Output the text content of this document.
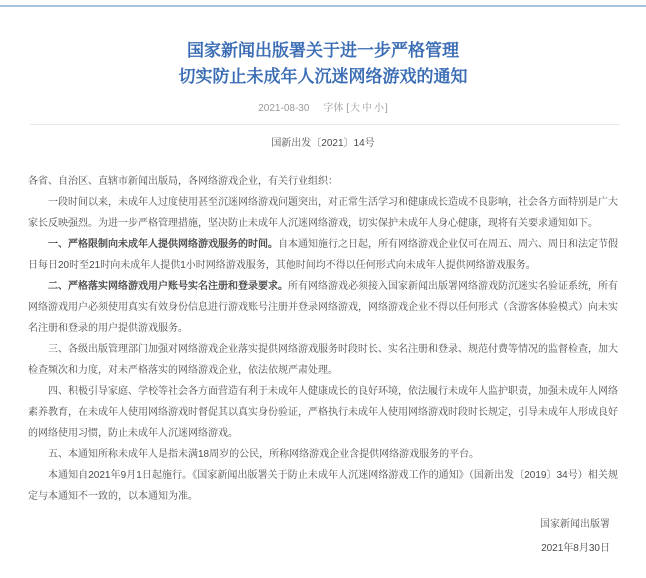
国家新闻出版署关于进一步严格管理
切实防止未成年人沉迷网络游戏的通知
2021-08-30 字体 [大 中 小]
国新出发〔2021〕14号

各省、自治区、直辖市新闻出版局，各网络游戏企业，有关行业组织：

一段时间以来，未成年人过度使用甚至沉迷网络游戏问题突出，对正常生活学习和健康成长造成不良影响，社会各方面特别是广大家长反映强烈。为进一步严格管理措施，坚决防止未成年人沉迷网络游戏，切实保护未成年人身心健康，现将有关要求通知如下。

一、严格限制向未成年人提供网络游戏服务的时间。自本通知施行之日起，所有网络游戏企业仅可在周五、周六、周日和法定节假日每日20时至21时向未成年人提供1小时网络游戏服务，其他时间均不得以任何形式向未成年人提供网络游戏服务。

二、严格落实网络游戏用户账号实名注册和登录要求。所有网络游戏必须接入国家新闻出版署网络游戏防沉迷实名验证系统，所有网络游戏用户必须使用真实有效身份信息进行游戏账号注册并登录网络游戏，网络游戏企业不得以任何形式（含游客体验模式）向未实名注册和登录的用户提供游戏服务。

三、各级出版管理部门加强对网络游戏企业落实提供网络游戏服务时段时长、实名注册和登录、规范付费等情况的监督检查，加大检查频次和力度，对未严格落实的网络游戏企业，依法依规严肃处理。

四、积极引导家庭、学校等社会各方面营造有利于未成年人健康成长的良好环境，依法履行未成年人监护职责，加强未成年人网络素养教育，在未成年人使用网络游戏时督促其以真实身份验证，严格执行未成年人使用网络游戏时段时长规定，引导未成年人形成良好的网络使用习惯，防止未成年人沉迷网络游戏。

五、本通知所称未成年人是指未满18周岁的公民，所称网络游戏企业含提供网络游戏服务的平台。

本通知自2021年9月1日起施行。《国家新闻出版署关于防止未成年人沉迷网络游戏工作的通知》（国新出发〔2019〕34号）相关规定与本通知不一致的，以本通知为准。

国家新闻出版署
2021年8月30日
